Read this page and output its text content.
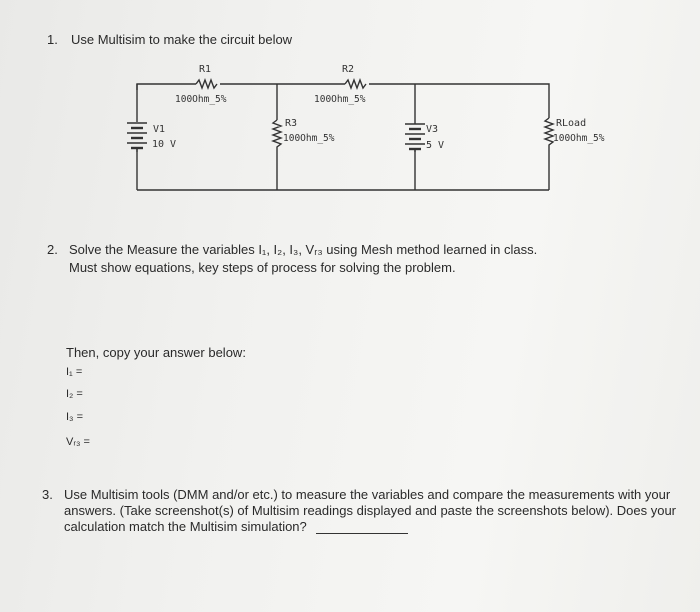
1. Use Multisim to make the circuit below
R1
100Ohm_5%
R2
100Ohm_5%
R3
100Ohm_5%
RLoad
100Ohm_5%
V1
10 V
V3
5 V
2. Solve the Measure the variables I₁, I₂, I₃, Vᵣ₃ using Mesh method learned in class.
Must show equations, key steps of process for solving the problem.
Then, copy your answer below:
I₁ =
I₂ =
I₃ =
Vᵣ₃ =
3. Use Multisim tools (DMM and/or etc.) to measure the variables and compare the measurements with your
answers. (Take screenshot(s) of Multisim readings displayed and paste the screenshots below). Does your
calculation match the Multisim simulation?
